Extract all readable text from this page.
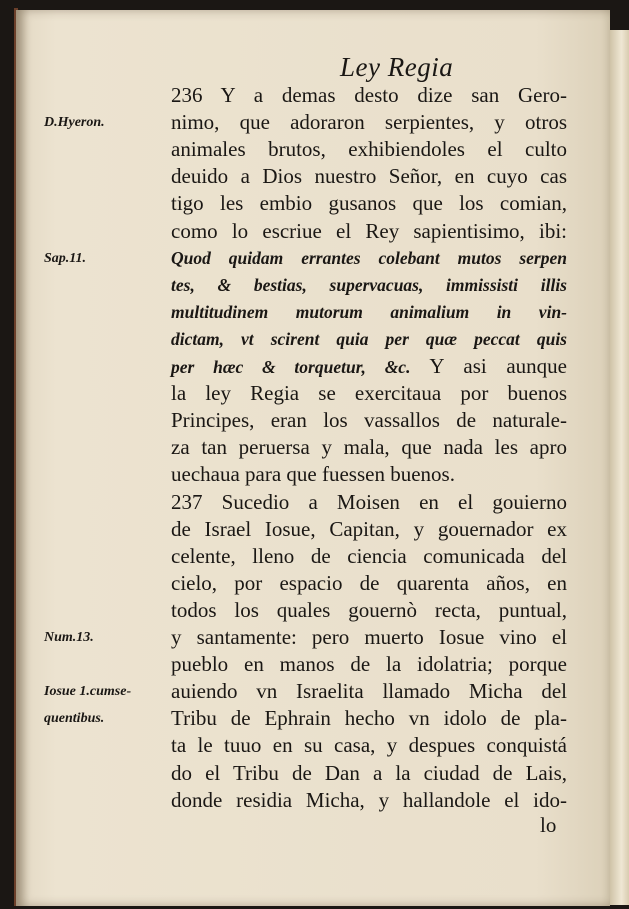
Ley Regia
D.Hyeron.
Sap.11.
Num.13.
Iosue 1.cumse-
quentibus.
236 Y a demas desto dize san Gero-
nimo, que adoraron serpientes, y otros
animales brutos, exhibiendoles el culto
deuido a Dios nuestro Señor, en cuyo cas
tigo les embio gusanos que los comian,
como lo escriue el Rey sapientisimo, ibi:
Quod quidam errantes colebant mutos serpen
tes, & bestias, supervacuas, immissisti illis
multitudinem mutorum animalium in vin-
dictam, vt scirent quia per quæ peccat quis
per hæc & torquetur, &c. Y asi aunque
la ley Regia se exercitaua por buenos
Principes, eran los vassallos de naturale-
za tan peruersa y mala, que nada les apro
uechaua para que fuessen buenos.
237 Sucedio a Moisen en el gouierno
de Israel Iosue, Capitan, y gouernador ex
celente, lleno de ciencia comunicada del
cielo, por espacio de quarenta años, en
todos los quales gouernò recta, puntual,
y santamente: pero muerto Iosue vino el
pueblo en manos de la idolatria; porque
auiendo vn Israelita llamado Micha del
Tribu de Ephrain hecho vn idolo de pla-
ta le tuuo en su casa, y despues conquistá
do el Tribu de Dan a la ciudad de Lais,
donde residia Micha, y hallandole el ido-
lo
